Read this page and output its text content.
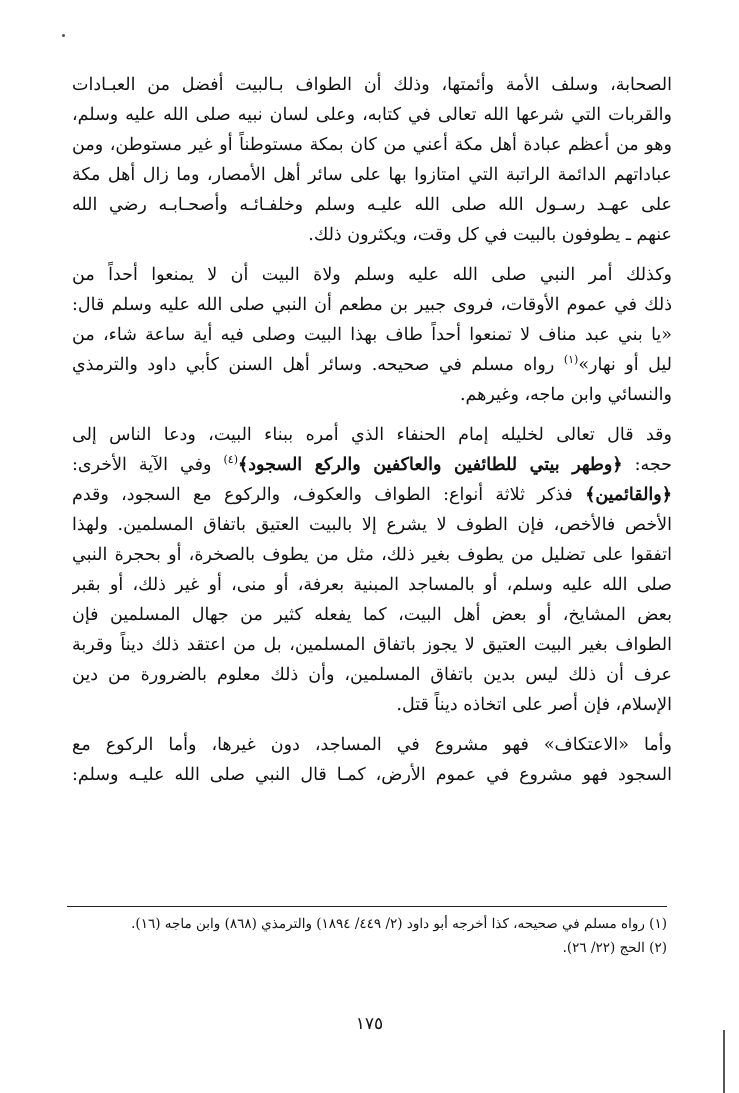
الصحابة، وسلف الأمة وأئمتها، وذلك أن الطواف بـالبيت أفضل من العبـادات
والقربات التي شرعها الله تعالى في كتابه، وعلى لسان نبيه صلى الله عليه وسلم،
وهو من أعظم عبادة أهل مكة أعني من كان بمكة مستوطناً أو غير مستوطن، ومن
عباداتهم الدائمة الراتبة التي امتازوا بها على سائر أهل الأمصار، وما زال أهل مكة
على عهـد رسـول الله صلى الله عليـه وسلم وخلفـائـه وأصحـابـه رضي الله
عنهم ـ يطوفون بالبيت في كل وقت، ويكثرون ذلك.

وكذلك أمر النبي صلى الله عليه وسلم ولاة البيت أن لا يمنعوا أحداً من
ذلك في عموم الأوقات، فروى جبير بن مطعم أن النبي صلى الله عليه وسلم قال:
«يا بني عبد مناف لا تمنعوا أحداً طاف بهذا البيت وصلى فيه أية ساعة شاء، من
ليل أو نهار»$^{(١)}$ رواه مسلم في صحيحه. وسائر أهل السنن كأبي داود والترمذي
والنسائي وابن ماجه، وغيرهم.

وقد قال تعالى لخليله إمام الحنفاء الذي أمره ببناء البيت، ودعا الناس إلى
حجه: ﴿وطهر بيتي للطائفين والعاكفين والركع السجود﴾$^{(٤)}$ وفي الآية الأخرى:
﴿والقائمين﴾ فذكر ثلاثة أنواع: الطواف والعكوف، والركوع مع السجود، وقدم
الأخص فالأخص، فإن الطوف لا يشرع إلا بالبيت العتيق باتفاق المسلمين. ولهذا
اتفقوا على تضليل من يطوف بغير ذلك، مثل من يطوف بالصخرة، أو بحجرة النبي
صلى الله عليه وسلم، أو بالمساجد المبنية بعرفة، أو منى، أو غير ذلك، أو بقبر
بعض المشايخ، أو بعض أهل البيت، كما يفعله كثير من جهال المسلمين فإن
الطواف بغير البيت العتيق لا يجوز باتفاق المسلمين، بل من اعتقد ذلك ديناً وقربة
عرف أن ذلك ليس بدين باتفاق المسلمين، وأن ذلك معلوم بالضرورة من دين
الإسلام، فإن أصر على اتخاذه ديناً قتل.

وأما «الاعتكاف» فهو مشروع في المساجد، دون غيرها، وأما الركوع مع
السجود فهو مشروع في عموم الأرض، كمـا قال النبي صلى الله عليـه وسلم:

(١) رواه مسلم في صحيحه، كذا أخرجه أبو داود (٢/ ٤٤٩/ ١٨٩٤) والترمذي (٨٦٨) وابن ماجه (١٦).
(٢) الحج (٢٢/ ٢٦).
١٧٥
